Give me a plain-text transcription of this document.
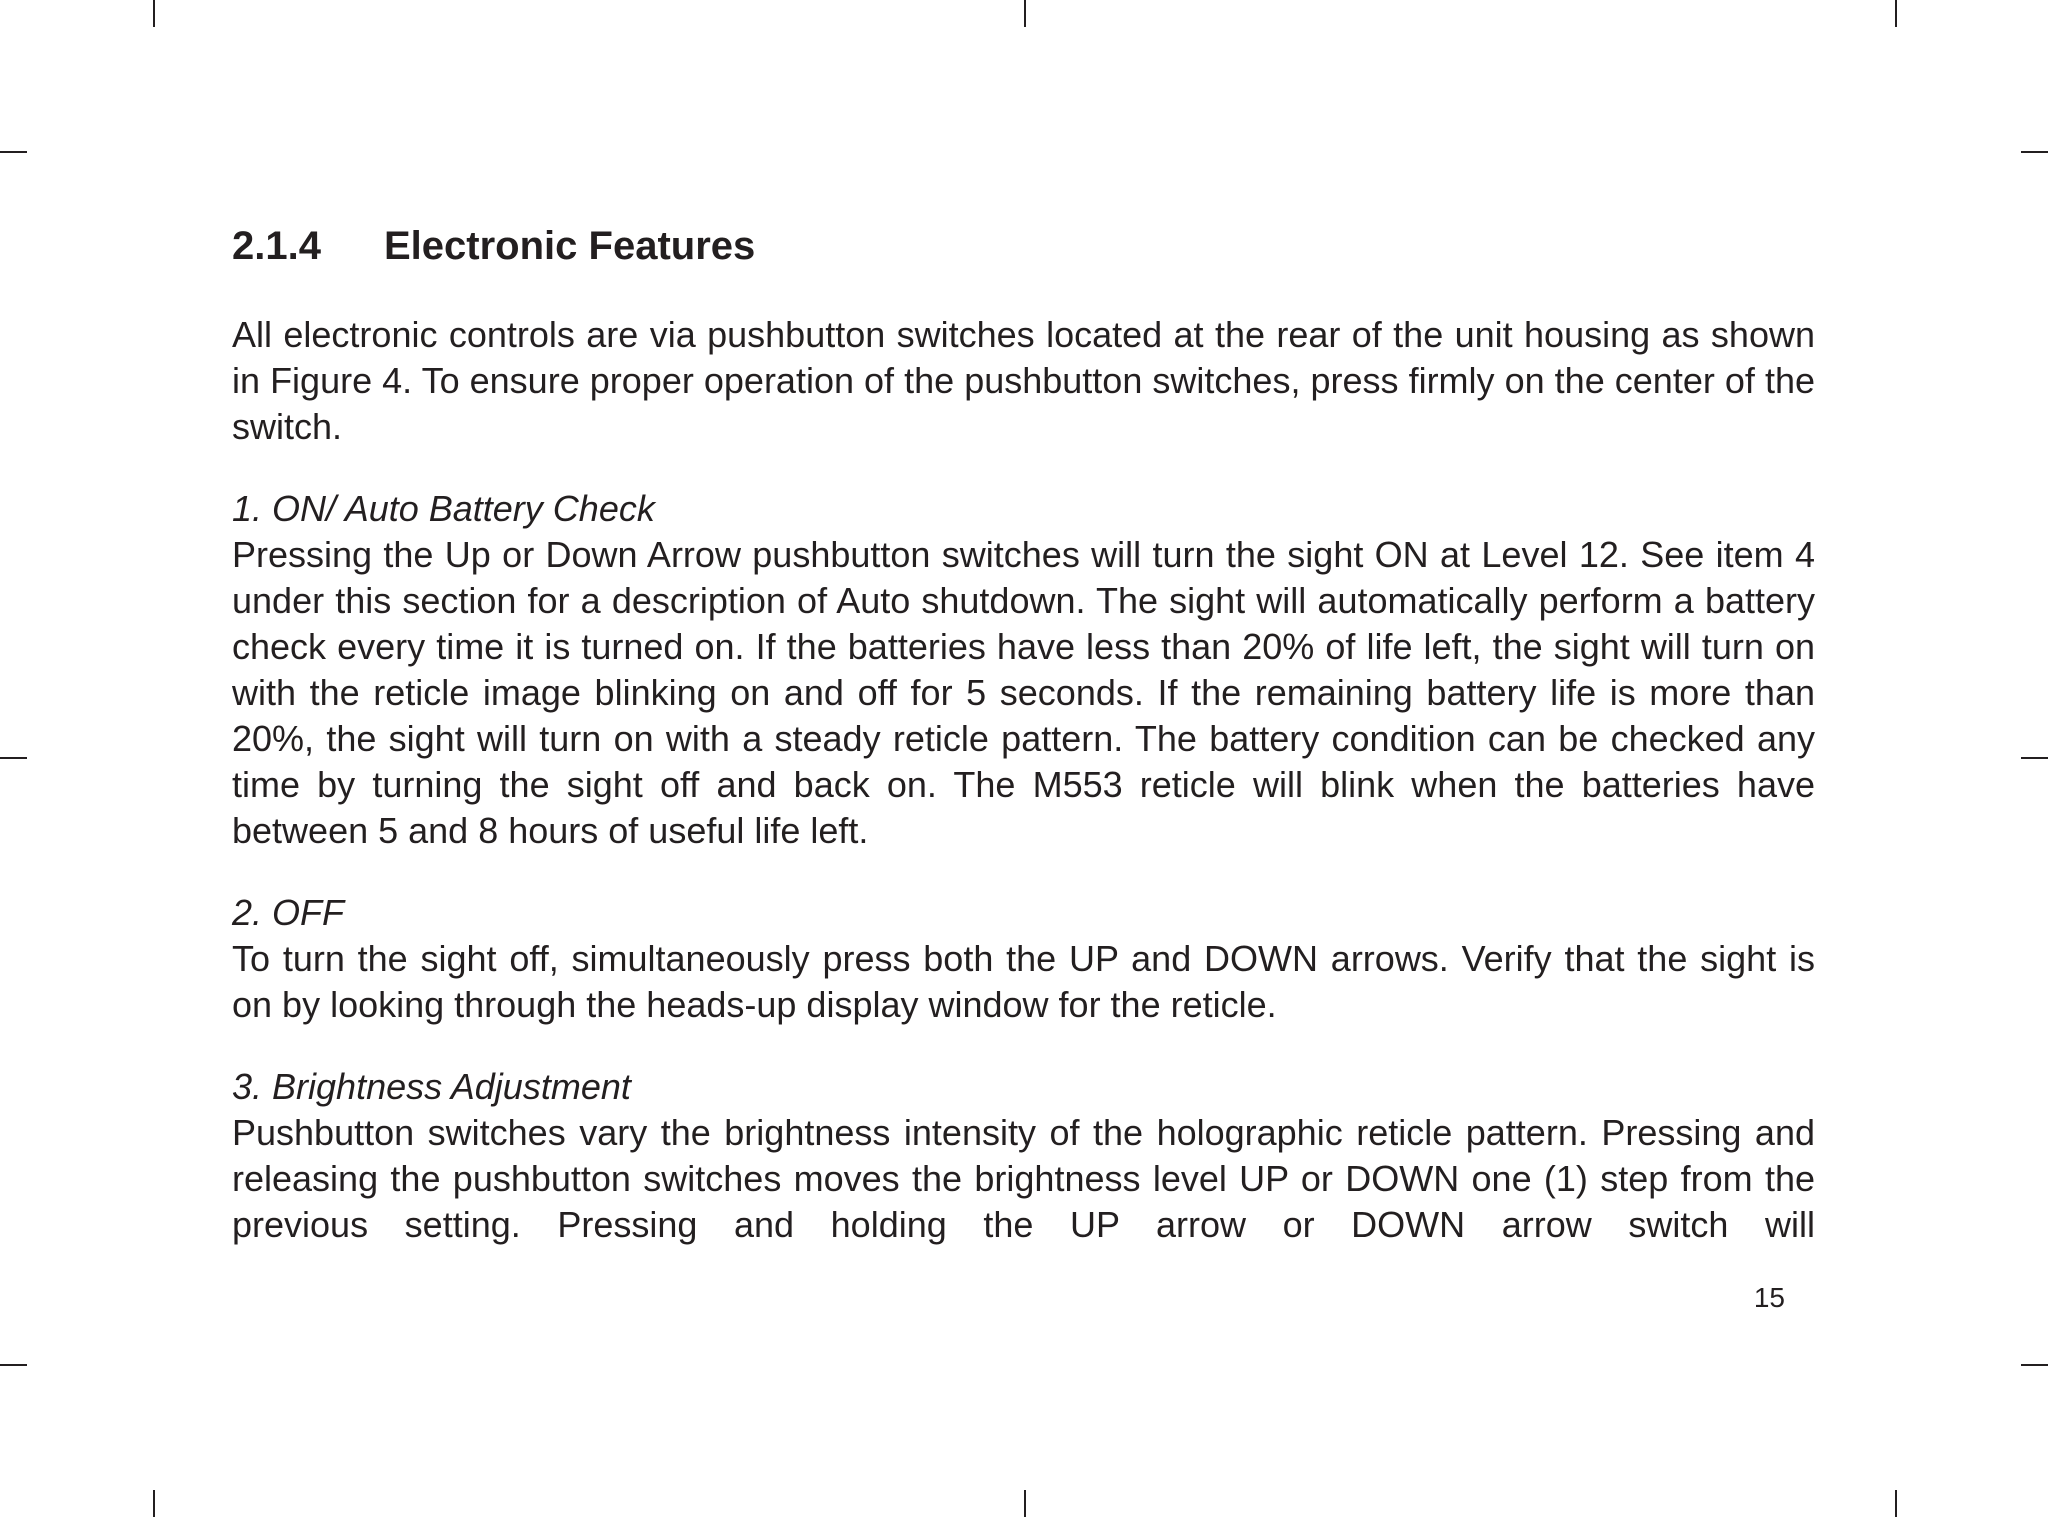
2.1.4 Electronic Features

All electronic controls are via pushbutton switches located at the rear of the unit housing as shown in Figure 4. To ensure proper operation of the pushbutton switches, press firmly on the center of the switch.

1. ON/ Auto Battery Check

Pressing the Up or Down Arrow pushbutton switches will turn the sight ON at Level 12. See item 4 under this section for a description of Auto shutdown. The sight will automatically perform a battery check every time it is turned on. If the batteries have less than 20% of life left, the sight will turn on with the reticle image blinking on and off for 5 seconds. If the remaining battery life is more than 20%, the sight will turn on with a steady reticle pattern. The battery condition can be checked any time by turning the sight off and back on. The M553 reticle will blink when the batteries have between 5 and 8 hours of useful life left.

2. OFF

To turn the sight off, simultaneously press both the UP and DOWN arrows. Verify that the sight is on by looking through the heads-up display window for the reticle.

3. Brightness Adjustment

Pushbutton switches vary the brightness intensity of the holographic reticle pattern. Pressing and releasing the pushbutton switches moves the brightness level UP or DOWN one (1) step from the previous setting. Pressing and holding the UP arrow or DOWN arrow switch will

15
